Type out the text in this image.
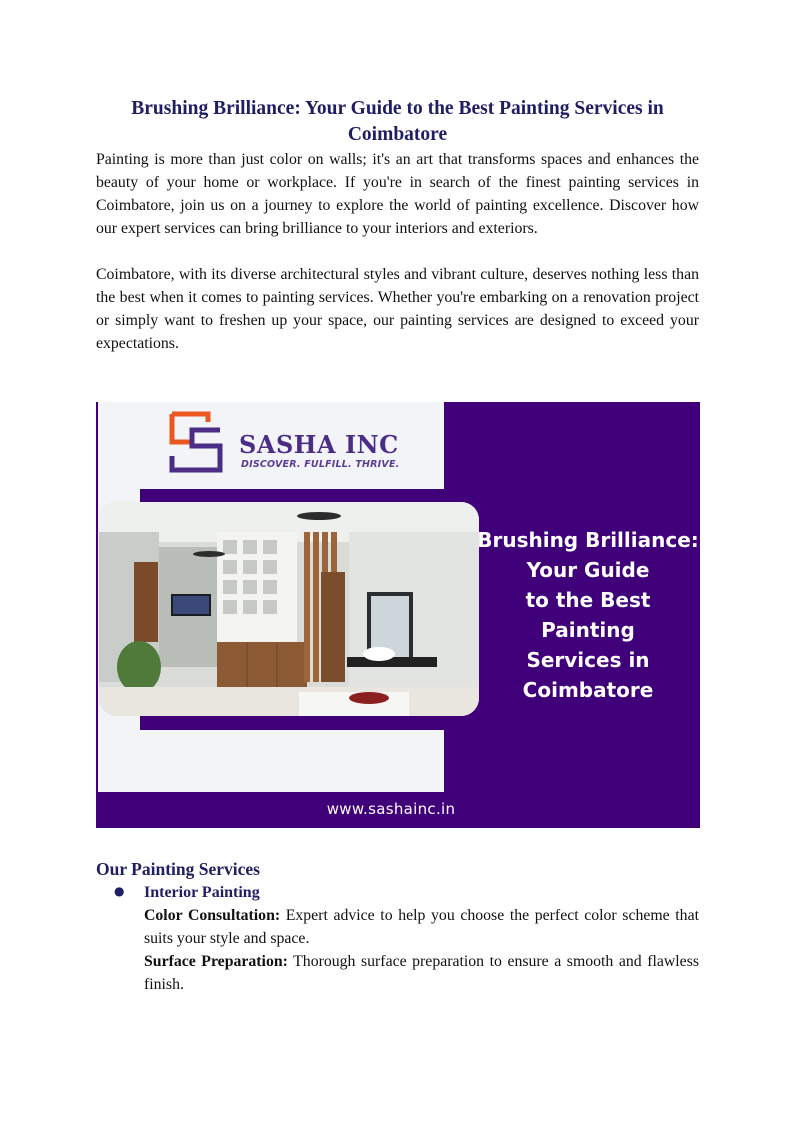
Brushing Brilliance: Your Guide to the Best Painting Services in Coimbatore

Painting is more than just color on walls; it's an art that transforms spaces and enhances the beauty of your home or workplace. If you're in search of the finest painting services in Coimbatore, join us on a journey to explore the world of painting excellence. Discover how our expert services can bring brilliance to your interiors and exteriors.

Coimbatore, with its diverse architectural styles and vibrant culture, deserves nothing less than the best when it comes to painting services. Whether you're embarking on a renovation project or simply want to freshen up your space, our painting services are designed to exceed your expectations.

SASHA INC
DISCOVER. FULFILL. THRIVE.
Brushing Brilliance:
Your Guide
to the Best
Painting
Services in
Coimbatore
www.sashainc.in
Our Painting Services
● Interior Painting

Color Consultation: Expert advice to help you choose the perfect color scheme that suits your style and space.

Surface Preparation: Thorough surface preparation to ensure a smooth and flawless finish.
